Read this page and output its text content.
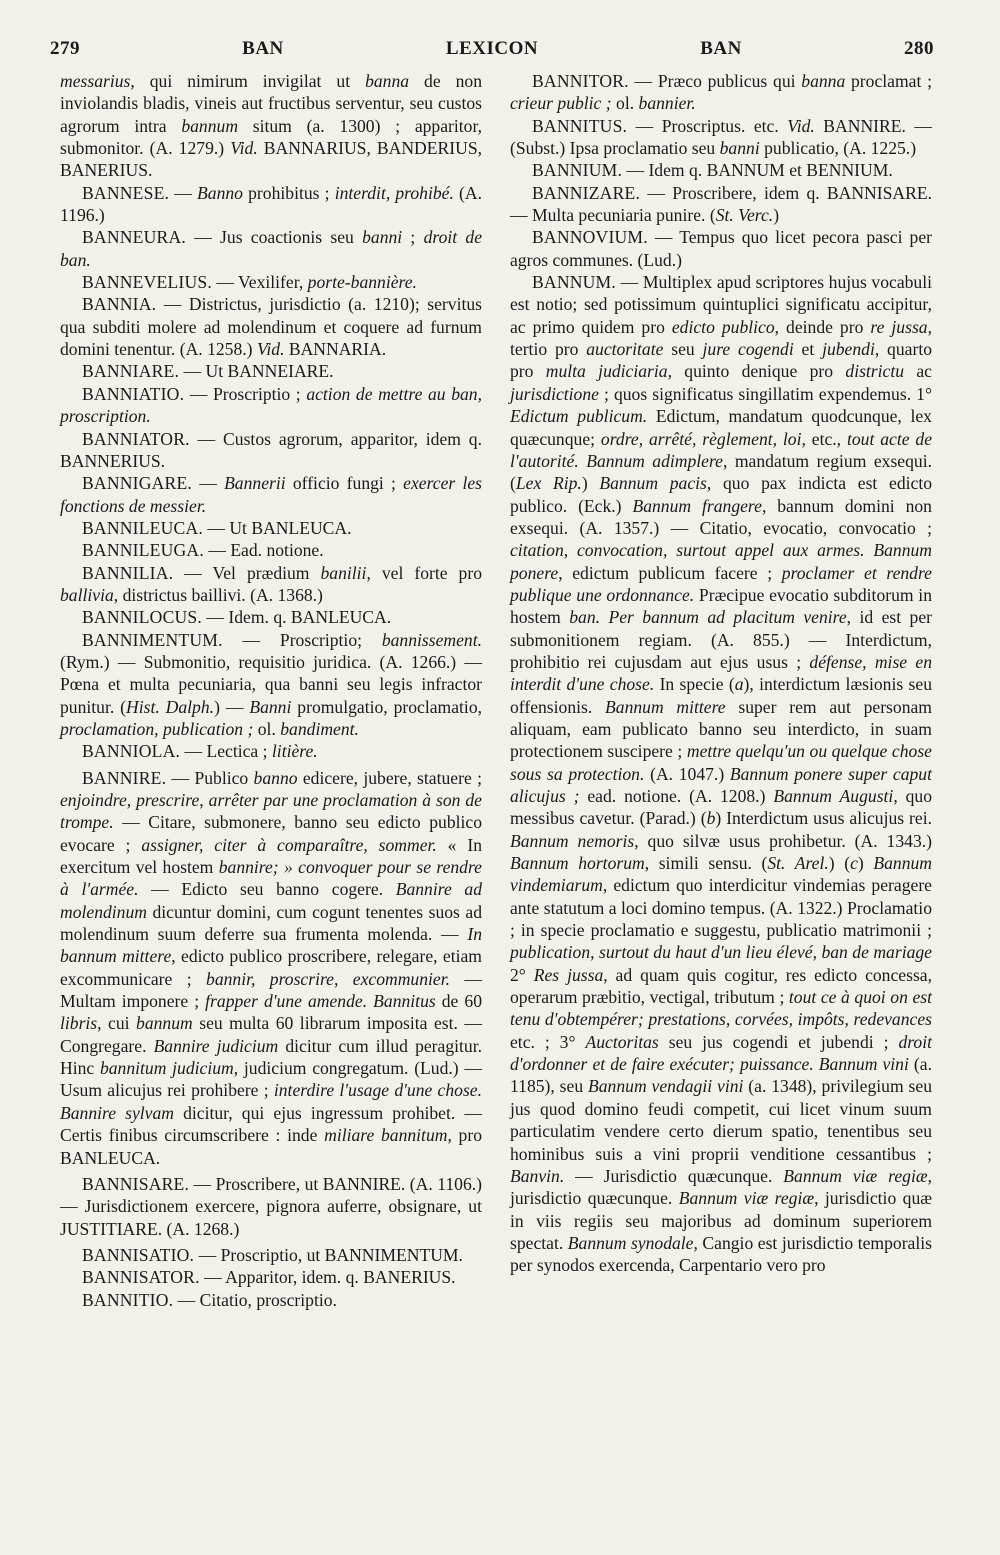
279	BAN	LEXICON	BAN	280

messarius, qui nimirum invigilat ut banna de non inviolandis bladis, vineis aut fructibus serventur, seu custos agrorum intra bannum situm (a. 1300) ; apparitor, submonitor. (A. 1279.) Vid. BANNARIUS, BANDERIUS, BANERIUS.

BANNESE. — Banno prohibitus ; interdit, prohibé. (A. 1196.)

BANNEURA. — Jus coactionis seu banni ; droit de ban.

BANNEVELIUS. — Vexilifer, porte-bannière.

BANNIA. — Districtus, jurisdictio (a. 1210); servitus qua subditi molere ad molendinum et coquere ad furnum domini tenentur. (A. 1258.) Vid. BANNARIA.

BANNIARE. — Ut BANNEIARE.

BANNIATIO. — Proscriptio ; action de mettre au ban, proscription.

BANNIATOR. — Custos agrorum, apparitor, idem q. BANNERIUS.

BANNIGARE. — Bannerii officio fungi ; exercer les fonctions de messier.

BANNILEUCA. — Ut BANLEUCA.

BANNILEUGA. — Ead. notione.

BANNILIA. — Vel prædium banilii, vel forte pro ballivia, districtus baillivi. (A. 1368.)

BANNILOCUS. — Idem. q. BANLEUCA.

BANNIMENTUM. — Proscriptio; bannissement. (Rym.) — Submonitio, requisitio juridica. (A. 1266.) — Pœna et multa pecuniaria, qua banni seu legis infractor punitur. (Hist. Dalph.) — Banni promulgatio, proclamatio, proclamation, publication ; ol. bandiment.

BANNIOLA. — Lectica ; litière.

BANNIRE. — Publico banno edicere, jubere, statuere ; enjoindre, prescrire, arrêter par une proclamation à son de trompe. — Citare, submonere, banno seu edicto publico evocare ; assigner, citer à comparaître, sommer. « In exercitum vel hostem bannire; » convoquer pour se rendre à l'armée. — Edicto seu banno cogere. Bannire ad molendinum dicuntur domini, cum cogunt tenentes suos ad molendinum suum deferre sua frumenta molenda. — In bannum mittere, edicto publico proscribere, relegare, etiam excommunicare ; bannir, proscrire, excommunier. — Multam imponere ; frapper d'une amende. Bannitus de 60 libris, cui bannum seu multa 60 librarum imposita est. — Congregare. Bannire judicium dicitur cum illud peragitur. Hinc bannitum judicium, judicium congregatum. (Lud.) — Usum alicujus rei prohibere ; interdire l'usage d'une chose. Bannire sylvam dicitur, qui ejus ingressum prohibet. — Certis finibus circumscribere : inde miliare bannitum, pro BANLEUCA.

BANNISARE. — Proscribere, ut BANNIRE. (A. 1106.) — Jurisdictionem exercere, pignora auferre, obsignare, ut JUSTITIARE. (A. 1268.)

BANNISATIO. — Proscriptio, ut BANNIMENTUM.

BANNISATOR. — Apparitor, idem. q. BANERIUS.

BANNITIO. — Citatio, proscriptio.

BANNITOR. — Præco publicus qui banna proclamat ; crieur public ; ol. bannier.

BANNITUS. — Proscriptus. etc. Vid. BANNIRE. — (Subst.) Ipsa proclamatio seu banni publicatio, (A. 1225.)

BANNIUM. — Idem q. BANNUM et BENNIUM.

BANNIZARE. — Proscribere, idem q. BANNISARE. — Multa pecuniaria punire. (St. Verc.)

BANNOVIUM. — Tempus quo licet pecora pasci per agros communes. (Lud.)

BANNUM. — Multiplex apud scriptores hujus vocabuli est notio; sed potissimum quintuplici significatu accipitur, ac primo quidem pro edicto publico, deinde pro re jussa, tertio pro auctoritate seu jure cogendi et jubendi, quarto pro multa judiciaria, quinto denique pro districtu ac jurisdictione ; quos significatus singillatim expendemus. 1° Edictum publicum. Edictum, mandatum quodcunque, lex quæcunque; ordre, arrêté, règlement, loi, etc., tout acte de l'autorité. Bannum adimplere, mandatum regium exsequi. (Lex Rip.) Bannum pacis, quo pax indicta est edicto publico. (Eck.) Bannum frangere, bannum domini non exsequi. (A. 1357.) — Citatio, evocatio, convocatio ; citation, convocation, surtout appel aux armes. Bannum ponere, edictum publicum facere ; proclamer et rendre publique une ordonnance. Præcipue evocatio subditorum in hostem ban. Per bannum ad placitum venire, id est per submonitionem regiam. (A. 855.) — Interdictum, prohibitio rei cujusdam aut ejus usus ; défense, mise en interdit d'une chose. In specie (a), interdictum læsionis seu offensionis. Bannum mittere super rem aut personam aliquam, eam publicato banno seu interdicto, in suam protectionem suscipere ; mettre quelqu'un ou quelque chose sous sa protection. (A. 1047.) Bannum ponere super caput alicujus ; ead. notione. (A. 1208.) Bannum Augusti, quo messibus cavetur. (Parad.) (b) Interdictum usus alicujus rei. Bannum nemoris, quo silvæ usus prohibetur. (A. 1343.) Bannum hortorum, simili sensu. (St. Arel.) (c) Bannum vindemiarum, edictum quo interdicitur vindemias peragere ante statutum a loci domino tempus. (A. 1322.) Proclamatio ; in specie proclamatio e suggestu, publicatio matrimonii ; publication, surtout du haut d'un lieu élevé, ban de mariage 2° Res jussa, ad quam quis cogitur, res edicto concessa, operarum præbitio, vectigal, tributum ; tout ce à quoi on est tenu d'obtempérer; prestations, corvées, impôts, redevances etc. ; 3° Auctoritas seu jus cogendi et jubendi ; droit d'ordonner et de faire exécuter; puissance. Bannum vini (a. 1185), seu Bannum vendagii vini (a. 1348), privilegium seu jus quod domino feudi competit, cui licet vinum suum particulatim vendere certo dierum spatio, tenentibus seu hominibus suis a vini proprii venditione cessantibus ; Banvin. — Jurisdictio quæcunque. Bannum viæ regiæ, jurisdictio quæcunque. Bannum viæ regiæ, jurisdictio quæ in viis regiis seu majoribus ad dominum superiorem spectat. Bannum synodale, Cangio est jurisdictio temporalis per synodos exercenda, Carpentario vero pro
